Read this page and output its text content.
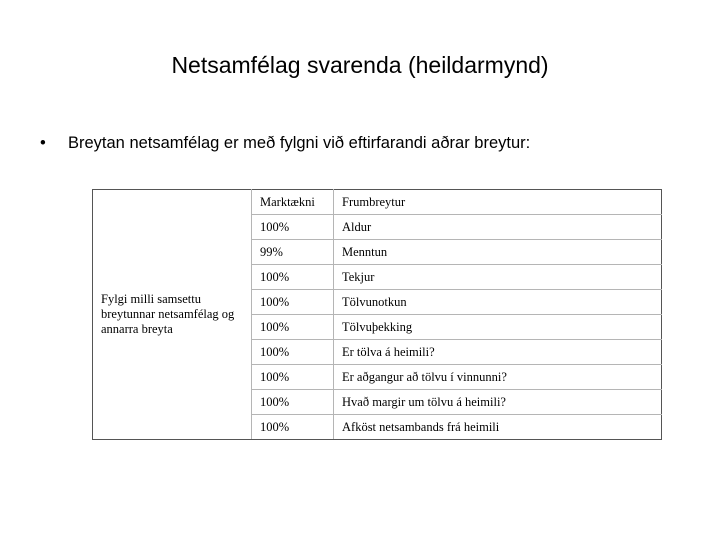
Netsamfélag svarenda (heildarmynd)
• Breytan netsamfélag er með fylgni við eftirfarandi aðrar breytur:
Fylgi milli samsettu breytunnar netsamfélag og annarra breyta	Marktækni	Frumbreytur
	100%	Aldur
	99%	Menntun
	100%	Tekjur
	100%	Tölvunotkun
	100%	Tölvuþekking
	100%	Er tölva á heimili?
	100%	Er aðgangur að tölvu í vinnunni?
	100%	Hvað margir um tölvu á heimili?
	100%	Afköst netsambands frá heimili
